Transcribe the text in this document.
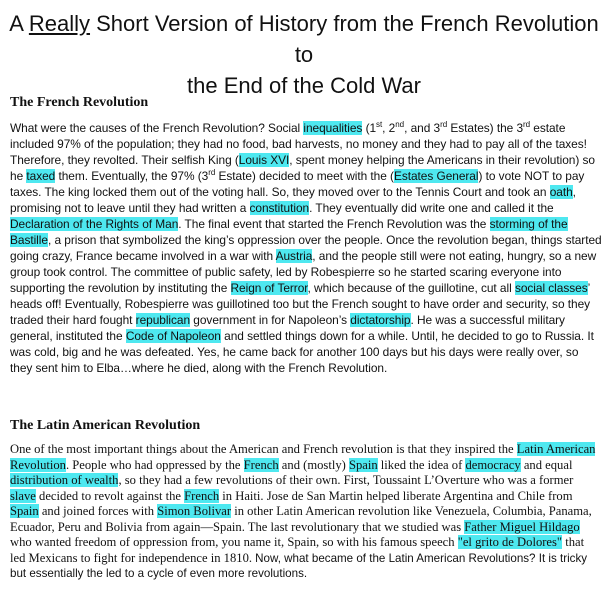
A Really Short Version of History from the French Revolution to
the End of the Cold War
The French Revolution
What were the causes of the French Revolution? Social inequalities (1st, 2nd, and 3rd Estates) the 3rd estate included 97% of the population; they had no food, bad harvests, no money and they had to pay all of the taxes! Therefore, they revolted. Their selfish King (Louis XVI, spent money helping the Americans in their revolution) so he taxed them. Eventually, the 97% (3rd Estate) decided to meet with the (Estates General) to vote NOT to pay taxes. The king locked them out of the voting hall. So, they moved over to the Tennis Court and took an oath, promising not to leave until they had written a constitution. They eventually did write one and called it the Declaration of the Rights of Man. The final event that started the French Revolution was the storming of the Bastille, a prison that symbolized the king’s oppression over the people. Once the revolution began, things started going crazy, France became involved in a war with Austria, and the people still were not eating, hungry, so a new group took control. The committee of public safety, led by Robespierre so he started scaring everyone into supporting the revolution by instituting the Reign of Terror, which because of the guillotine, cut all social classes’ heads off! Eventually, Robespierre was guillotined too but the French sought to have order and security, so they traded their hard fought republican government in for Napoleon’s dictatorship. He was a successful military general, instituted the Code of Napoleon and settled things down for a while. Until, he decided to go to Russia. It was cold, big and he was defeated. Yes, he came back for another 100 days but his days were really over, so they sent him to Elba…where he died, along with the French Revolution.
The Latin American Revolution
One of the most important things about the American and French revolution is that they inspired the Latin American Revolution. People who had oppressed by the French and (mostly) Spain liked the idea of democracy and equal distribution of wealth, so they had a few revolutions of their own. First, Toussaint L’Overture who was a former slave decided to revolt against the French in Haiti. Jose de San Martin helped liberate Argentina and Chile from Spain and joined forces with Simon Bolivar in other Latin American revolution like Venezuela, Columbia, Panama, Ecuador, Peru and Bolivia from again—Spain. The last revolutionary that we studied was Father Miguel Hildago who wanted freedom of oppression from, you name it, Spain, so with his famous speech "el grito de Dolores" that led Mexicans to fight for independence in 1810. Now, what became of the Latin American Revolutions? It is tricky but essentially the led to a cycle of even more revolutions.
